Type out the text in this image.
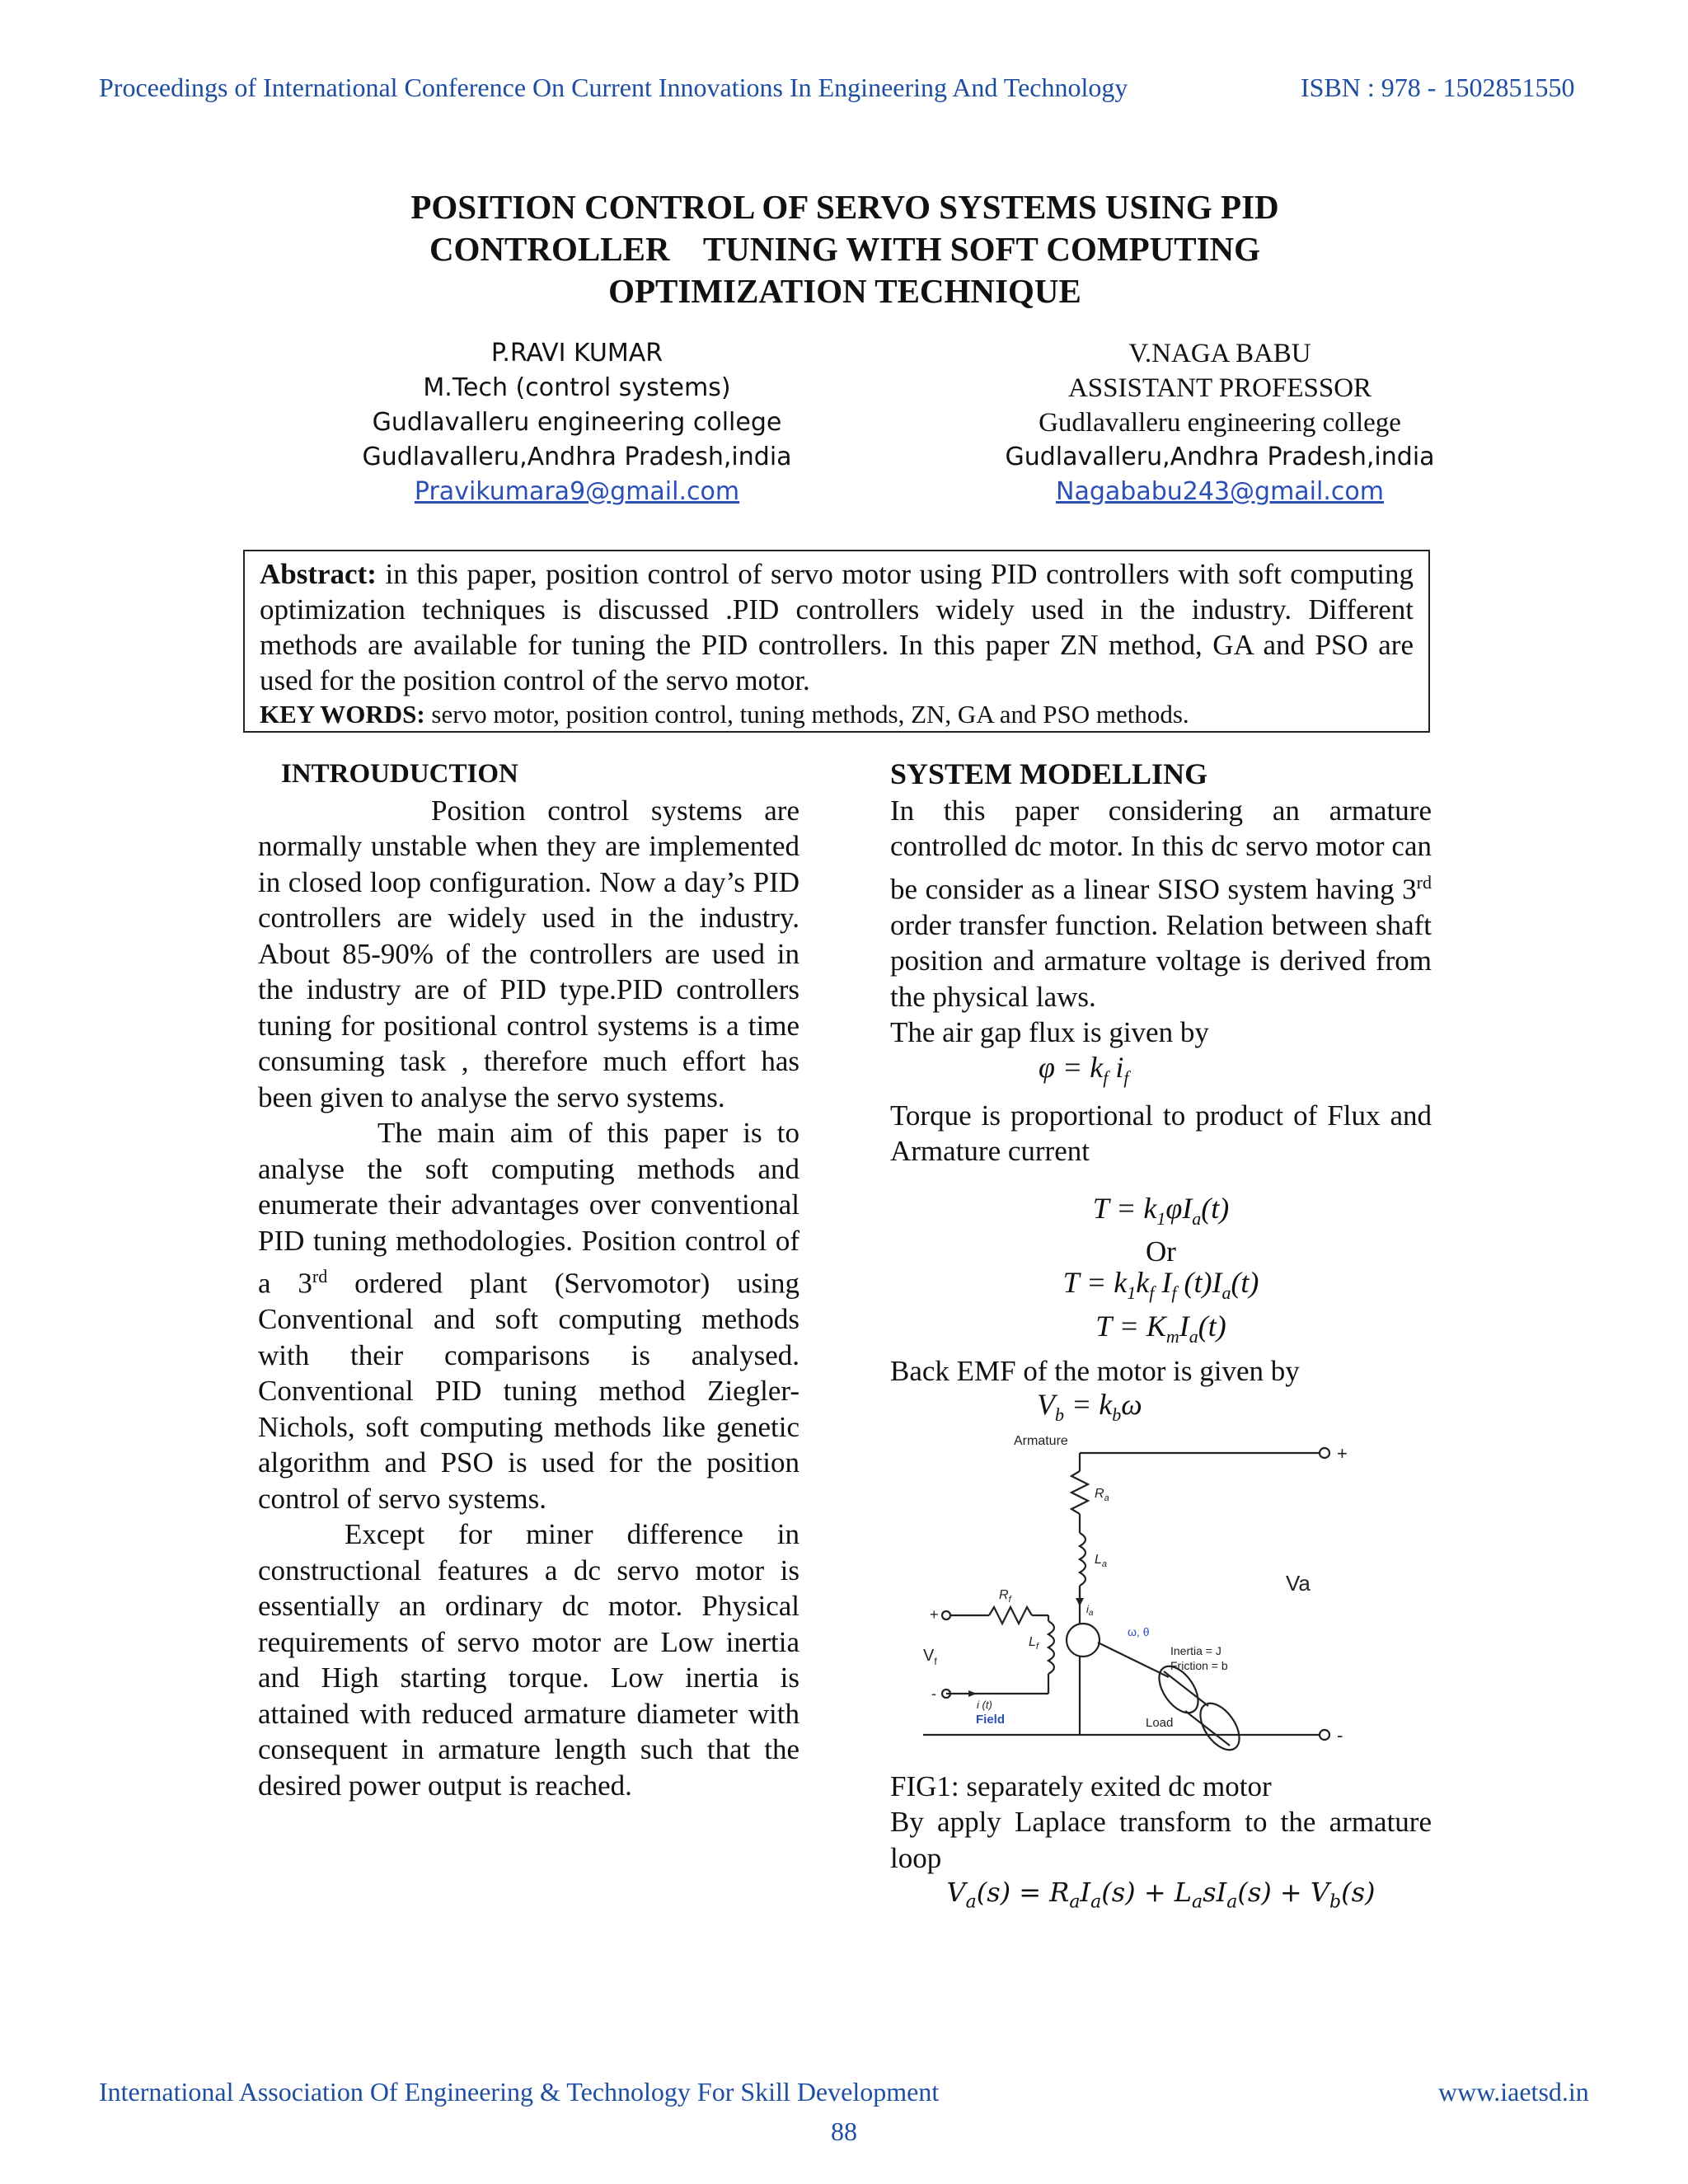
Proceedings of International Conference On Current Innovations In Engineering And Technology	ISBN : 978 - 1502851550
POSITION CONTROL OF SERVO SYSTEMS USING PID
CONTROLLER    TUNING WITH SOFT COMPUTING
OPTIMIZATION TECHNIQUE
P.RAVI KUMAR
M.Tech (control systems)
Gudlavalleru engineering college
Gudlavalleru,Andhra Pradesh,india
Pravikumara9@gmail.com
V.NAGA BABU
ASSISTANT PROFESSOR
Gudlavalleru engineering college
Gudlavalleru,Andhra Pradesh,india
Nagababu243@gmail.com
Abstract: in this paper, position control of servo motor using PID controllers with soft computing optimization techniques is discussed .PID controllers widely used in the industry. Different methods are available for tuning the PID controllers. In this paper ZN method, GA and PSO are used for the position control of the servo motor.
KEY WORDS: servo motor, position control, tuning methods, ZN, GA and PSO methods.
INTROUDUCTION

Position control systems are normally unstable when they are implemented in closed loop configuration. Now a day’s PID controllers are widely used in the industry. About 85-90% of the controllers are used in the industry are of PID type.PID controllers tuning for positional control systems is a time consuming task , therefore much effort has been given to analyse the servo systems.

The main aim of this paper is to analyse the soft computing methods and enumerate their advantages over conventional PID tuning methodologies. Position control of a 3rd ordered plant (Servomotor) using Conventional and soft computing methods with their comparisons is analysed. Conventional PID tuning method Ziegler-Nichols, soft computing methods like genetic algorithm and PSO is used for the position control of servo systems.

Except for miner difference in constructional features a dc servo motor is essentially an ordinary dc motor. Physical requirements of servo motor are Low inertia and High starting torque. Low inertia is attained with reduced armature diameter with consequent in armature length such that the desired power output is reached.

SYSTEM MODELLING

In this paper considering an armature controlled dc motor. In this dc servo motor can be consider as a linear SISO system having 3rd order transfer function. Relation between shaft position and armature voltage is derived from the physical laws.

The air gap flux is given by

$\varphi = k_f$ $i_f$

Torque is proportional to product of Flux and Armature current

$T = k_1\varphi I_a(t)$
Or
$T = k_1k_f$ $I_f$ $(t)I_a(t)$
$T = K_mI_a(t)$

Back EMF of the motor is given by

$V_b = k_b\omega$
Armature
$R_a$
$L_a$
$i_a$
$R_f$
$L_f$
$V_f$
+
-
i (t)
Field
ω, θ
Inertia = J
Friction = b
Load
Va
+
-

FIG1: separately exited dc motor

By apply Laplace transform to the armature loop

$V_a(s) = R_aI_a(s) + L_asI_a(s) + V_b(s)$
International Association Of Engineering & Technology For Skill Development	www.iaetsd.in
88
